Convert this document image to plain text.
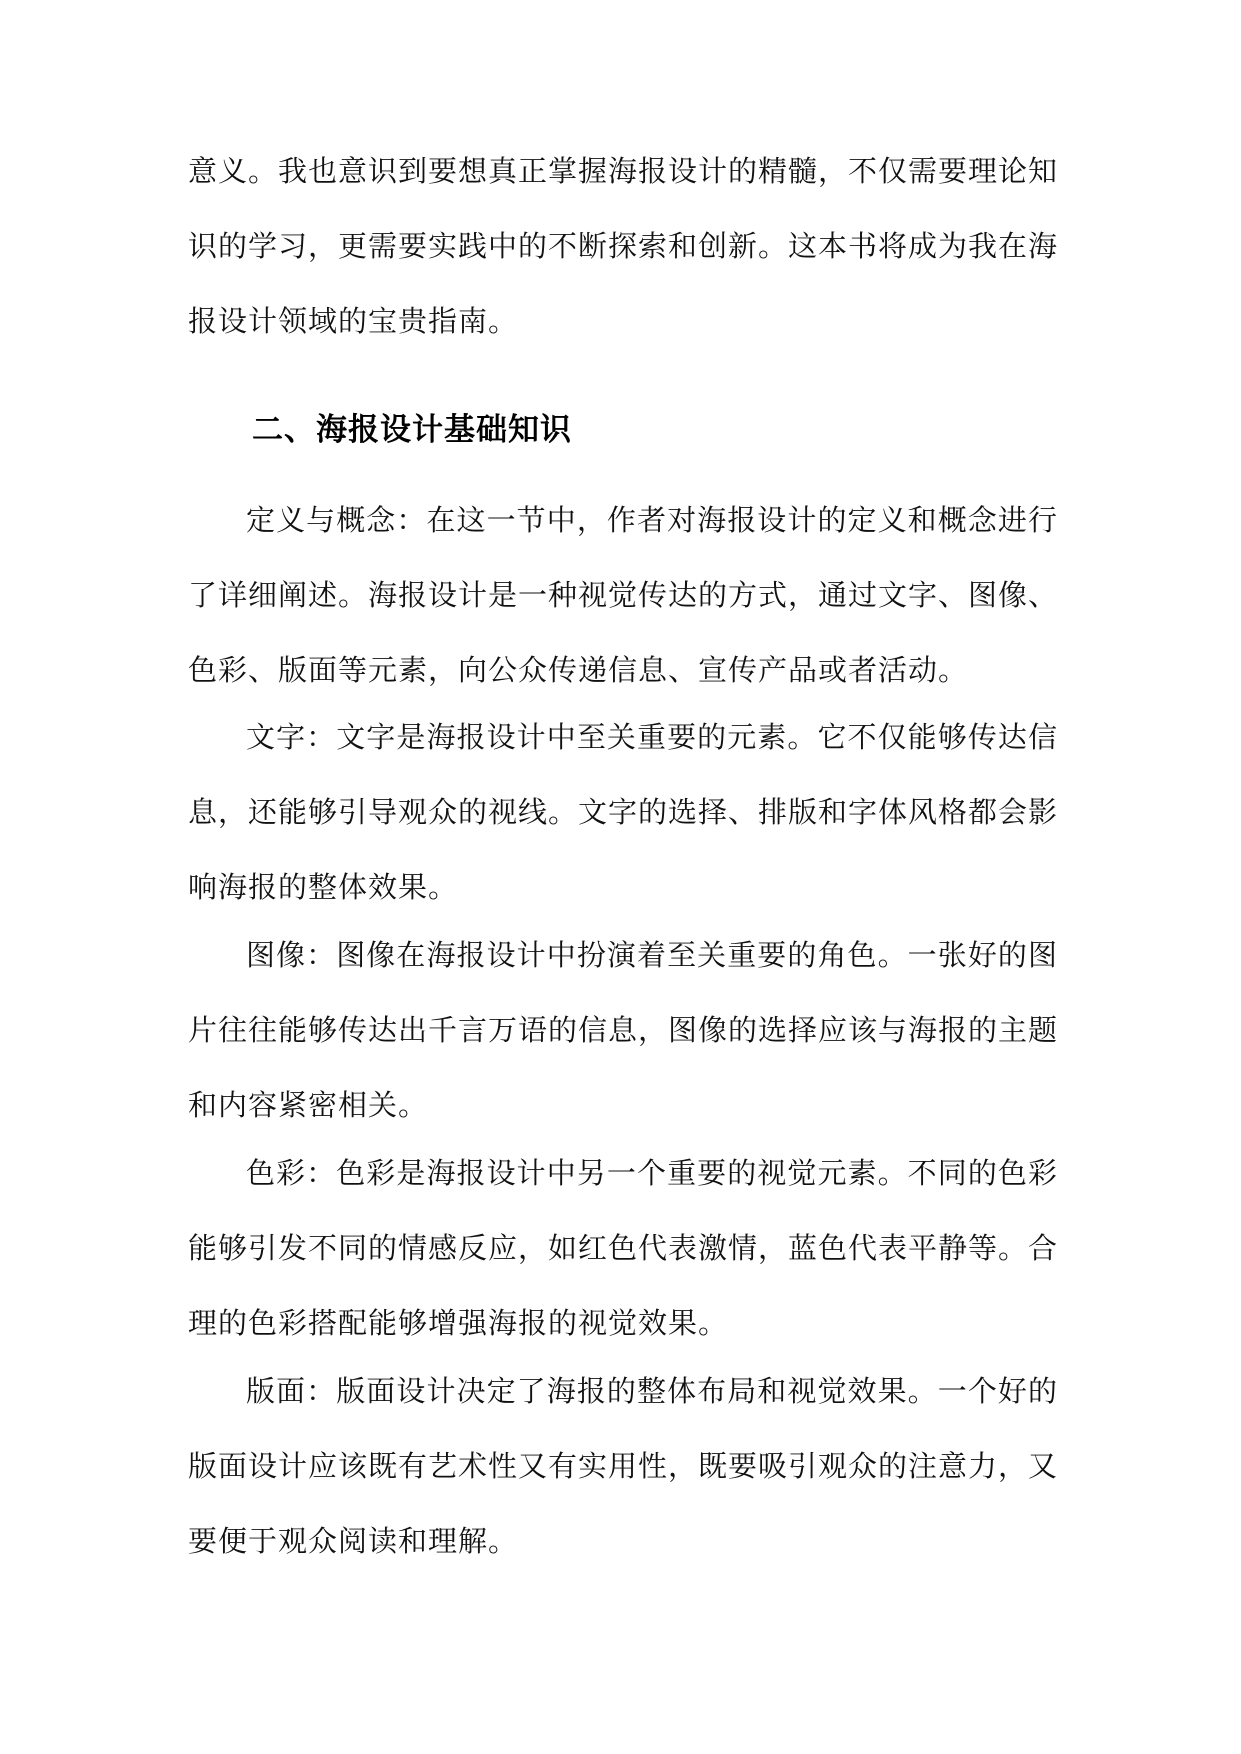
意义。我也意识到要想真正掌握海报设计的精髓，不仅需要理论知识的学习，更需要实践中的不断探索和创新。这本书将成为我在海报设计领域的宝贵指南。

二、海报设计基础知识

定义与概念：在这一节中，作者对海报设计的定义和概念进行了详细阐述。海报设计是一种视觉传达的方式，通过文字、图像、色彩、版面等元素，向公众传递信息、宣传产品或者活动。

文字：文字是海报设计中至关重要的元素。它不仅能够传达信息，还能够引导观众的视线。文字的选择、排版和字体风格都会影响海报的整体效果。

图像：图像在海报设计中扮演着至关重要的角色。一张好的图片往往能够传达出千言万语的信息，图像的选择应该与海报的主题和内容紧密相关。

色彩：色彩是海报设计中另一个重要的视觉元素。不同的色彩能够引发不同的情感反应，如红色代表激情，蓝色代表平静等。合理的色彩搭配能够增强海报的视觉效果。

版面：版面设计决定了海报的整体布局和视觉效果。一个好的版面设计应该既有艺术性又有实用性，既要吸引观众的注意力，又要便于观众阅读和理解。
